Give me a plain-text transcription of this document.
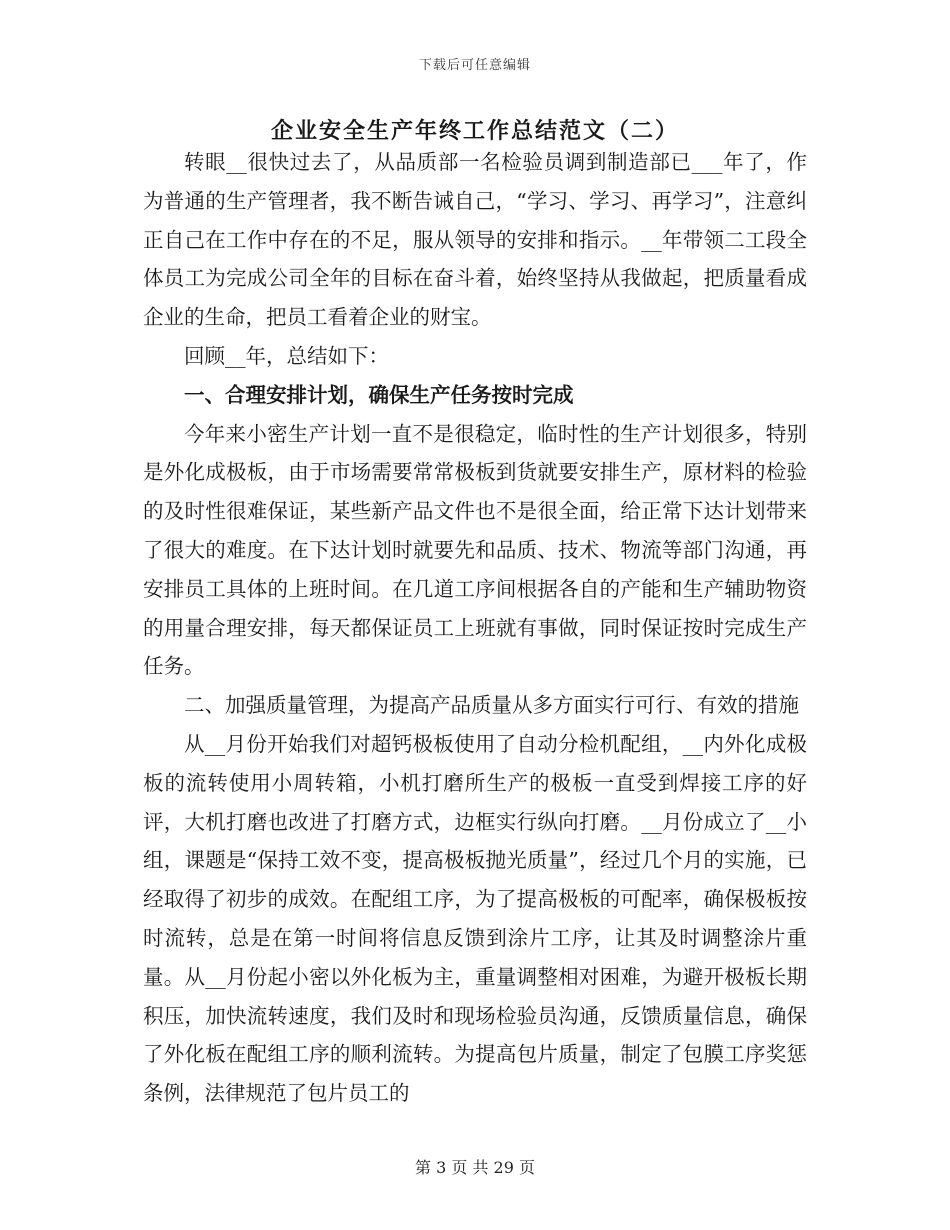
下载后可任意编辑
企业安全生产年终工作总结范文（二）

转眼__很快过去了，从品质部一名检验员调到制造部已___年了，作为普通的生产管理者，我不断告诫自己，“学习、学习、再学习”，注意纠正自己在工作中存在的不足，服从领导的安排和指示。__年带领二工段全体员工为完成公司全年的目标在奋斗着，始终坚持从我做起，把质量看成企业的生命，把员工看着企业的财宝。

回顾__年，总结如下：

一、合理安排计划，确保生产任务按时完成

今年来小密生产计划一直不是很稳定，临时性的生产计划很多，特别是外化成极板，由于市场需要常常极板到货就要安排生产，原材料的检验的及时性很难保证，某些新产品文件也不是很全面，给正常下达计划带来了很大的难度。在下达计划时就要先和品质、技术、物流等部门沟通，再安排员工具体的上班时间。在几道工序间根据各自的产能和生产辅助物资的用量合理安排，每天都保证员工上班就有事做，同时保证按时完成生产任务。

二、加强质量管理，为提高产品质量从多方面实行可行、有效的措施

从__月份开始我们对超钙极板使用了自动分检机配组，__内外化成极板的流转使用小周转箱，小机打磨所生产的极板一直受到焊接工序的好评，大机打磨也改进了打磨方式，边框实行纵向打磨。__月份成立了__小组，课题是“保持工效不变，提高极板抛光质量”，经过几个月的实施，已经取得了初步的成效。在配组工序，为了提高极板的可配率，确保极板按时流转，总是在第一时间将信息反馈到涂片工序，让其及时调整涂片重量。从__月份起小密以外化板为主，重量调整相对困难，为避开极板长期积压，加快流转速度，我们及时和现场检验员沟通，反馈质量信息，确保了外化板在配组工序的顺利流转。为提高包片质量，制定了包膜工序奖惩条例，法律规范了包片员工的

第 3 页 共 29 页
